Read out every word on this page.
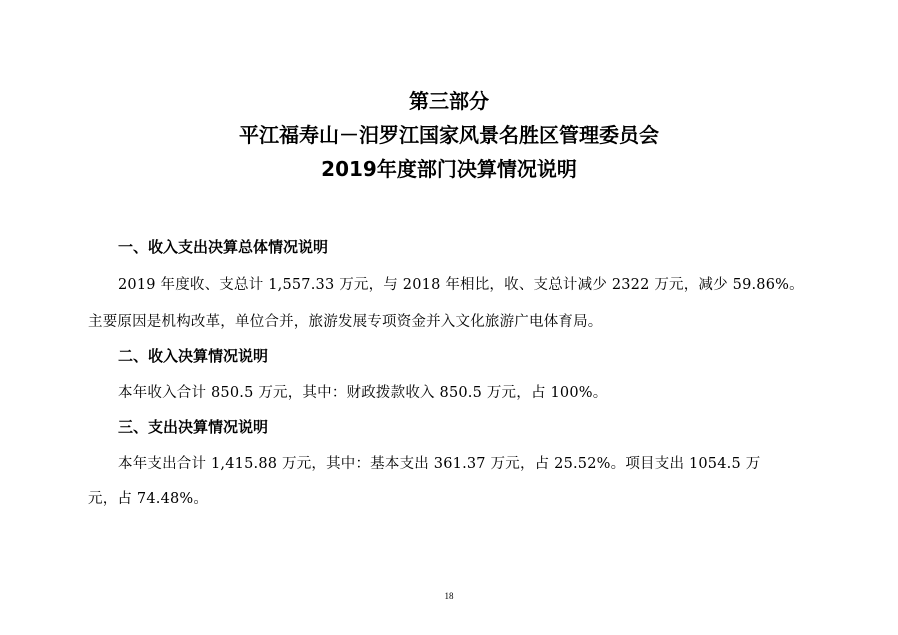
第三部分
平江福寿山－汨罗江国家风景名胜区管理委员会
2019年度部门决算情况说明
一、收入支出决算总体情况说明
2019 年度收、支总计 1,557.33 万元，与 2018 年相比，收、支总计减少 2322 万元，减少 59.86%。
主要原因是机构改革，单位合并，旅游发展专项资金并入文化旅游广电体育局。
二、收入决算情况说明
本年收入合计 850.5 万元，其中：财政拨款收入 850.5 万元，占 100%。
三、支出决算情况说明
本年支出合计 1,415.88 万元，其中：基本支出 361.37 万元，占 25.52%。项目支出 1054.5 万
元，占 74.48%。
18
